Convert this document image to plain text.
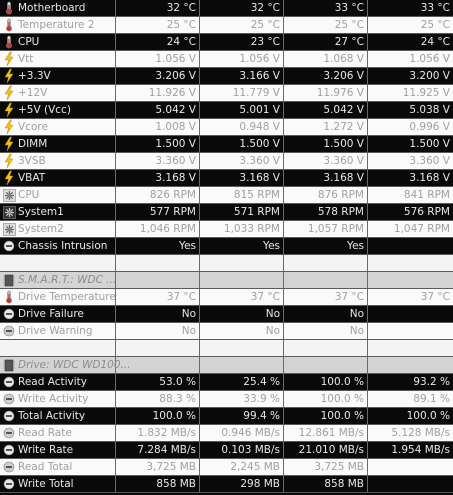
Motherboard	32 °C	32 °C	33 °C	33 °C
Temperature 2	25 °C	25 °C	25 °C	25 °C
CPU	24 °C	23 °C	27 °C	24 °C
Vtt	1.056 V	1.056 V	1.068 V	1.056 V
+3.3V	3.206 V	3.166 V	3.206 V	3.200 V
+12V	11.926 V	11.779 V	11.976 V	11.925 V
+5V (Vcc)	5.042 V	5.001 V	5.042 V	5.038 V
Vcore	1.008 V	0.948 V	1.272 V	0.996 V
DIMM	1.500 V	1.500 V	1.500 V	1.500 V
3VSB	3.360 V	3.360 V	3.360 V	3.360 V
VBAT	3.168 V	3.168 V	3.168 V	3.168 V
CPU	826 RPM	815 RPM	876 RPM	841 RPM
System1	577 RPM	571 RPM	578 RPM	576 RPM
System2	1,046 RPM	1,033 RPM	1,057 RPM	1,047 RPM
Chassis Intrusion	Yes	Yes	Yes
S.M.A.R.T.: WDC ...
Drive Temperature	37 °C	37 °C	37 °C	37 °C
Drive Failure	No	No	No
Drive Warning	No	No	No
Drive: WDC WD100...
Read Activity	53.0 %	25.4 %	100.0 %	93.2 %
Write Activity	88.3 %	33.9 %	100.0 %	89.1 %
Total Activity	100.0 %	99.4 %	100.0 %	100.0 %
Read Rate	1.832 MB/s	0.946 MB/s	12.861 MB/s	5.128 MB/s
Write Rate	7.284 MB/s	0.103 MB/s	21.010 MB/s	1.954 MB/s
Read Total	3,725 MB	2,245 MB	3,725 MB
Write Total	858 MB	298 MB	858 MB
